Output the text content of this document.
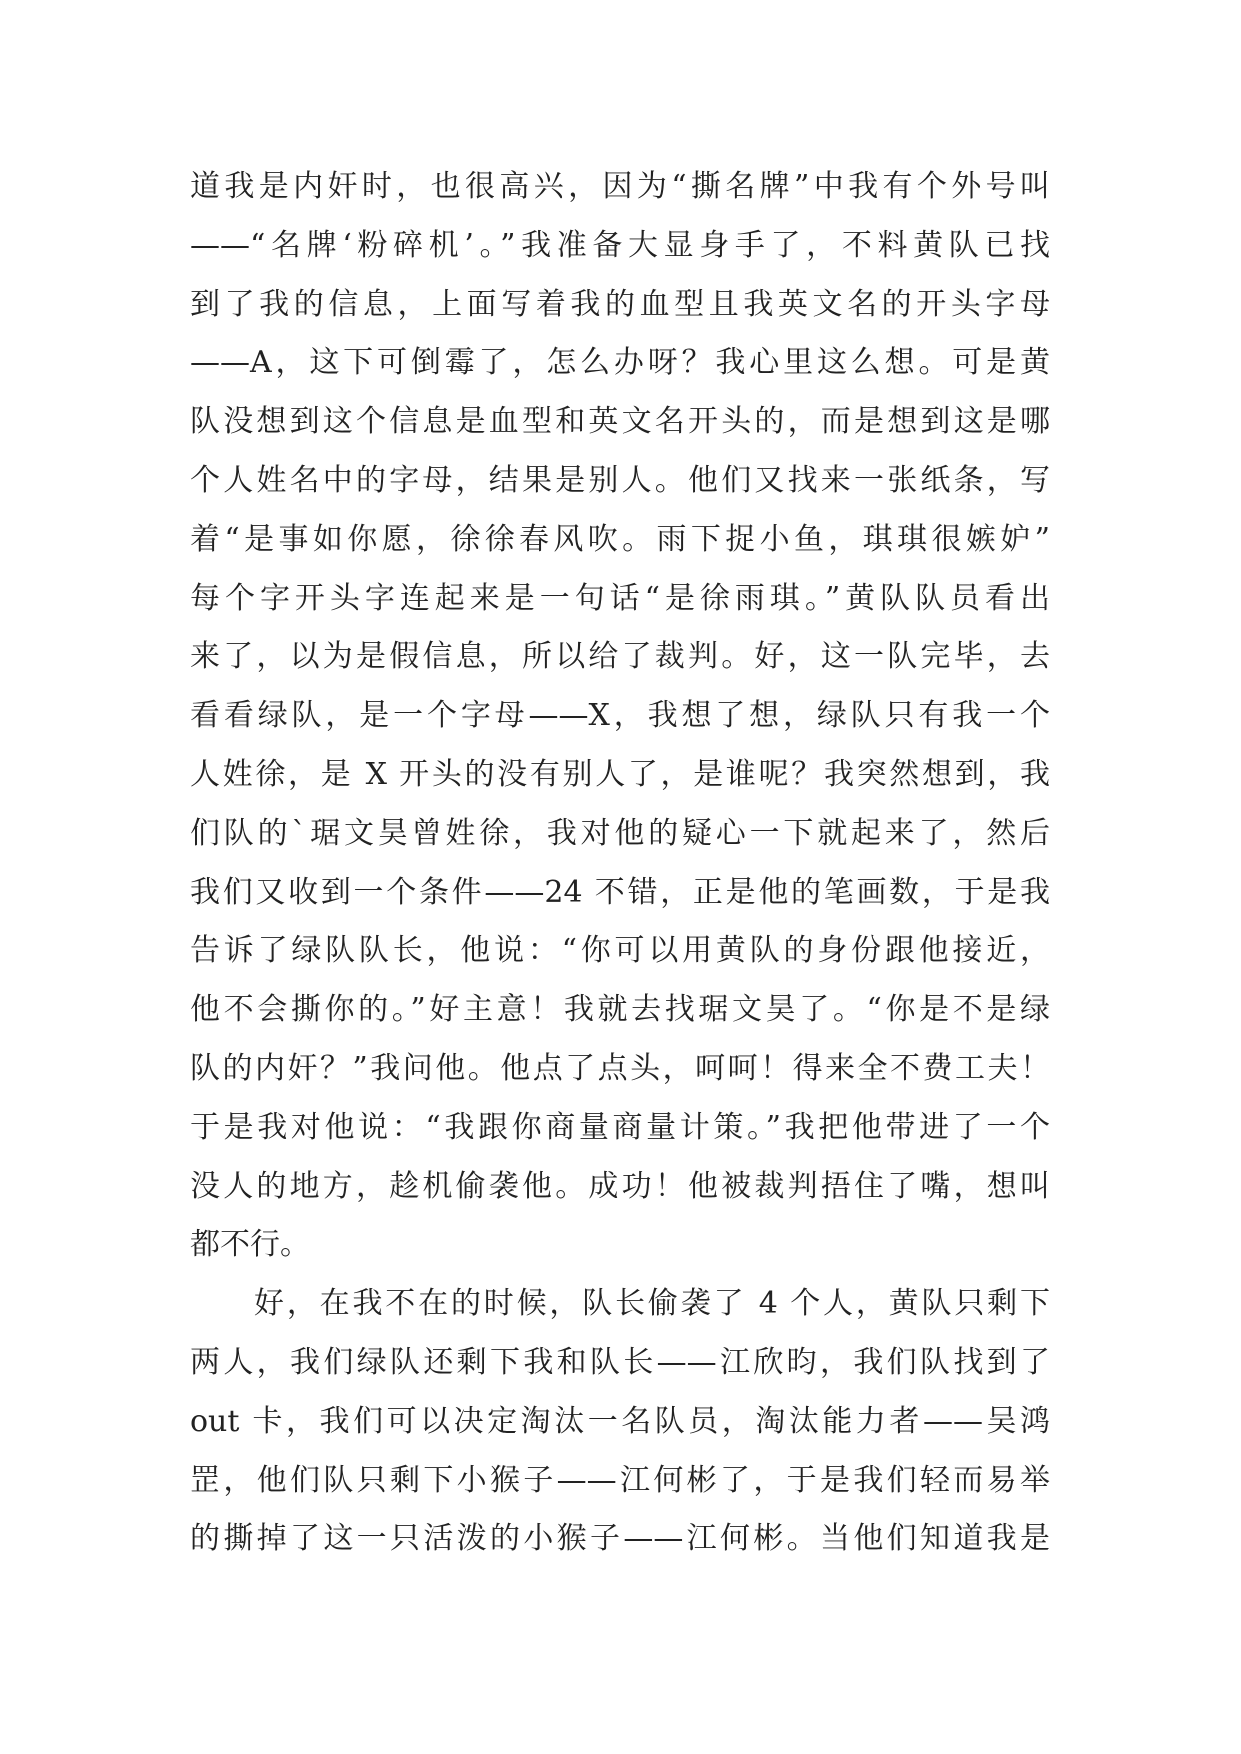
道我是内奸时，也很高兴，因为“撕名牌”中我有个外号叫
——“名牌‘粉碎机’。”我准备大显身手了，不料黄队已找
到了我的信息，上面写着我的血型且我英文名的开头字母
——A，这下可倒霉了，怎么办呀？我心里这么想。可是黄
队没想到这个信息是血型和英文名开头的，而是想到这是哪
个人姓名中的字母，结果是别人。他们又找来一张纸条，写
着“是事如你愿，徐徐春风吹。雨下捉小鱼，琪琪很嫉妒”
每个字开头字连起来是一句话“是徐雨琪。”黄队队员看出
来了，以为是假信息，所以给了裁判。好，这一队完毕，去
看看绿队，是一个字母——X，我想了想，绿队只有我一个
人姓徐，是 X 开头的没有别人了，是谁呢？我突然想到，我
们队的`琚文昊曾姓徐，我对他的疑心一下就起来了，然后
我们又收到一个条件——24 不错，正是他的笔画数，于是我
告诉了绿队队长，他说：“你可以用黄队的身份跟他接近，
他不会撕你的。”好主意！我就去找琚文昊了。“你是不是绿
队的内奸？”我问他。他点了点头，呵呵！得来全不费工夫！
于是我对他说：“我跟你商量商量计策。”我把他带进了一个
没人的地方，趁机偷袭他。成功！他被裁判捂住了嘴，想叫
都不行。
好，在我不在的时候，队长偷袭了 4 个人，黄队只剩下
两人，我们绿队还剩下我和队长——江欣昀，我们队找到了
out 卡，我们可以决定淘汰一名队员，淘汰能力者——吴鸿
罡，他们队只剩下小猴子——江何彬了，于是我们轻而易举
的撕掉了这一只活泼的小猴子——江何彬。当他们知道我是
